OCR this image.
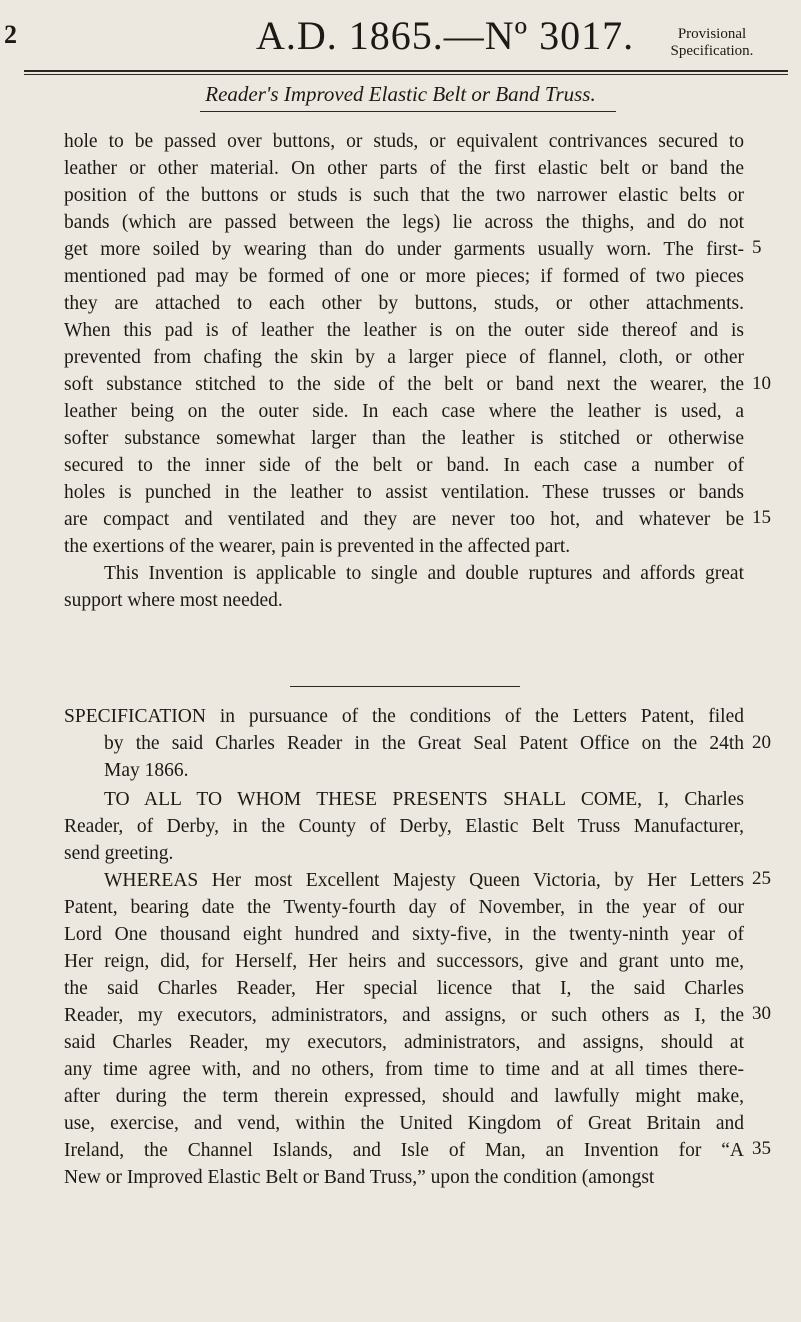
2	A.D. 1865.—Nº 3017.	Provisional
Specification.
Reader's Improved Elastic Belt or Band Truss.
hole to be passed over buttons, or studs, or equivalent contrivances secured to
leather or other material. On other parts of the first elastic belt or band the
position of the buttons or studs is such that the two narrower elastic belts or
bands (which are passed between the legs) lie across the thighs, and do not
get more soiled by wearing than do under garments usually worn. The first-
mentioned pad may be formed of one or more pieces; if formed of two pieces
they are attached to each other by buttons, studs, or other attachments.
When this pad is of leather the leather is on the outer side thereof and is
prevented from chafing the skin by a larger piece of flannel, cloth, or other
soft substance stitched to the side of the belt or band next the wearer, the
leather being on the outer side. In each case where the leather is used, a
softer substance somewhat larger than the leather is stitched or otherwise
secured to the inner side of the belt or band. In each case a number of
holes is punched in the leather to assist ventilation. These trusses or bands
are compact and ventilated and they are never too hot, and whatever be
the exertions of the wearer, pain is prevented in the affected part.
This Invention is applicable to single and double ruptures and affords great
support where most needed.
SPECIFICATION in pursuance of the conditions of the Letters Patent, filed
by the said Charles Reader in the Great Seal Patent Office on the 24th
May 1866.
TO ALL TO WHOM THESE PRESENTS SHALL COME, I, Charles
Reader, of Derby, in the County of Derby, Elastic Belt Truss Manufacturer,
send greeting.
WHEREAS Her most Excellent Majesty Queen Victoria, by Her Letters
Patent, bearing date the Twenty-fourth day of November, in the year of our
Lord One thousand eight hundred and sixty-five, in the twenty-ninth year of
Her reign, did, for Herself, Her heirs and successors, give and grant unto me,
the said Charles Reader, Her special licence that I, the said Charles
Reader, my executors, administrators, and assigns, or such others as I, the
said Charles Reader, my executors, administrators, and assigns, should at
any time agree with, and no others, from time to time and at all times there-
after during the term therein expressed, should and lawfully might make,
use, exercise, and vend, within the United Kingdom of Great Britain and
Ireland, the Channel Islands, and Isle of Man, an Invention for “A
New or Improved Elastic Belt or Band Truss,” upon the condition (amongst
5
10
15
20
25
30
35
